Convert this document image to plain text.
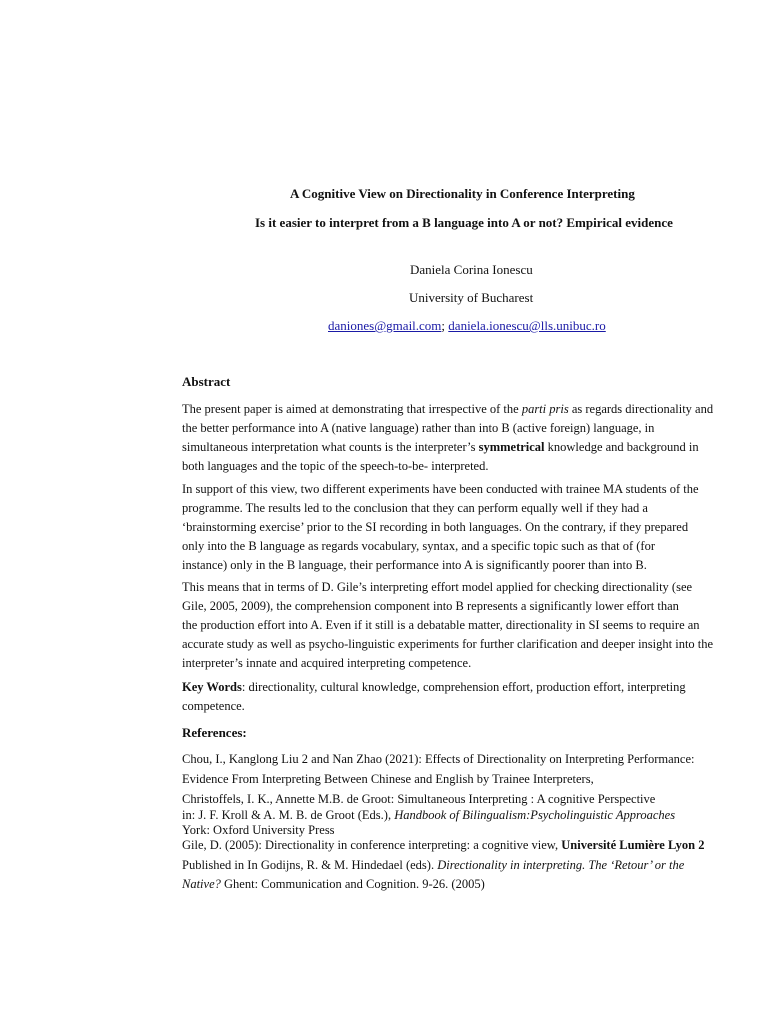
A Cognitive View on Directionality in Conference Interpreting
Is it easier to interpret from a B language into A or not? Empirical evidence
Daniela Corina Ionescu
University of Bucharest
daniones@gmail.com; daniela.ionescu@lls.unibuc.ro
Abstract
The present paper is aimed at demonstrating that irrespective of the parti pris as regards directionality and
the better performance into A (native language) rather than into B (active foreign) language, in
simultaneous interpretation what counts is the interpreter’s symmetrical knowledge and background in
both languages and the topic of the speech-to-be- interpreted.
In support of this view, two different experiments have been conducted with trainee MA students of the
programme. The results led to the conclusion that they can perform equally well if they had a
‘brainstorming exercise’ prior to the SI recording in both languages. On the contrary, if they prepared
only into the B language as regards vocabulary, syntax, and a specific topic such as that of (for
instance) only in the B language, their performance into A is significantly poorer than into B.
This means that in terms of D. Gile’s interpreting effort model applied for checking directionality (see
Gile, 2005, 2009), the comprehension component into B represents a significantly lower effort than
the production effort into A. Even if it still is a debatable matter, directionality in SI seems to require an
accurate study as well as psycho-linguistic experiments for further clarification and deeper insight into the
interpreter’s innate and acquired interpreting competence.
Key Words: directionality, cultural knowledge, comprehension effort, production effort, interpreting
competence.
References:
Chou, I., Kanglong Liu 2 and Nan Zhao (2021): Effects of Directionality on Interpreting Performance:
Evidence From Interpreting Between Chinese and English by Trainee Interpreters,
Christoffels, I. K., Annette M.B. de Groot: Simultaneous Interpreting : A cognitive Perspective
in: J. F. Kroll & A. M. B. de Groot (Eds.), Handbook of Bilingualism:Psycholinguistic Approaches
York: Oxford University Press
Gile, D. (2005): Directionality in conference interpreting: a cognitive view, Université Lumière Lyon 2
Published in In Godijns, R. & M. Hindedael (eds). Directionality in interpreting. The ‘Retour’ or the
Native? Ghent: Communication and Cognition. 9-26. (2005)
